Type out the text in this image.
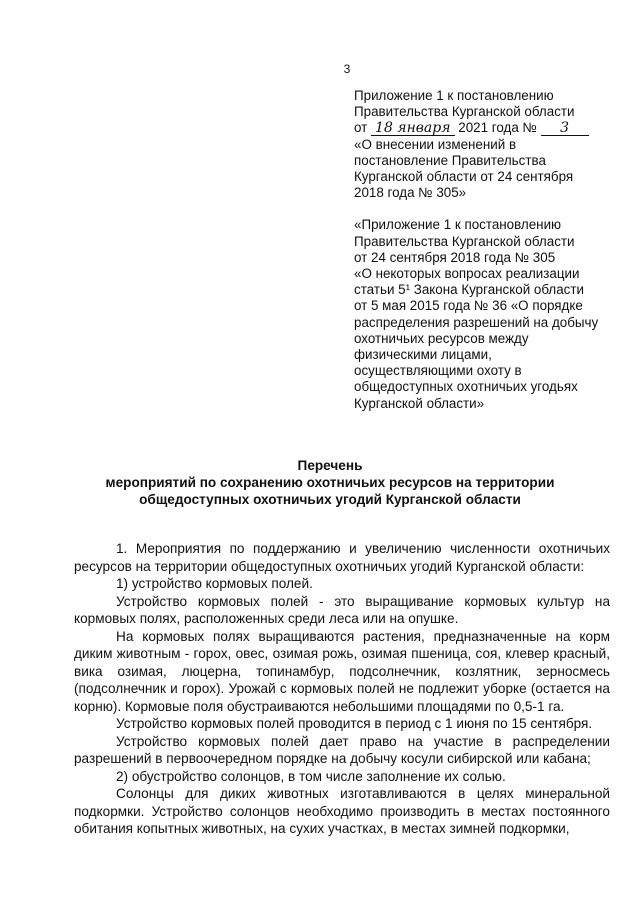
3
Приложение 1 к постановлению
Правительства Курганской области
от 18 января 2021 года № 3
«О внесении изменений в
постановление Правительства
Курганской области от 24 сентября
2018 года № 305»
«Приложение 1 к постановлению
Правительства Курганской области
от 24 сентября 2018 года № 305
«О некоторых вопросах реализации
статьи 5¹ Закона Курганской области
от 5 мая 2015 года № 36 «О порядке
распределения разрешений на добычу
охотничьих ресурсов между
физическими лицами,
осуществляющими охоту в
общедоступных охотничьих угодьях
Курганской области»
Перечень
мероприятий по сохранению охотничьих ресурсов на территории
общедоступных охотничьих угодий Курганской области

1. Мероприятия по поддержанию и увеличению численности охотничьих ресурсов на территории общедоступных охотничьих угодий Курганской области:

1) устройство кормовых полей.

Устройство кормовых полей - это выращивание кормовых культур на кормовых полях, расположенных среди леса или на опушке.

На кормовых полях выращиваются растения, предназначенные на корм диким животным - горох, овес, озимая рожь, озимая пшеница, соя, клевер красный, вика озимая, люцерна, топинамбур, подсолнечник, козлятник, зерносмесь (подсолнечник и горох). Урожай с кормовых полей не подлежит уборке (остается на корню). Кормовые поля обустраиваются небольшими площадями по 0,5-1 га.

Устройство кормовых полей проводится в период с 1 июня по 15 сентября.

Устройство кормовых полей дает право на участие в распределении разрешений в первоочередном порядке на добычу косули сибирской или кабана;

2) обустройство солонцов, в том числе заполнение их солью.

Солонцы для диких животных изготавливаются в целях минеральной подкормки. Устройство солонцов необходимо производить в местах постоянного обитания копытных животных, на сухих участках, в местах зимней подкормки,
